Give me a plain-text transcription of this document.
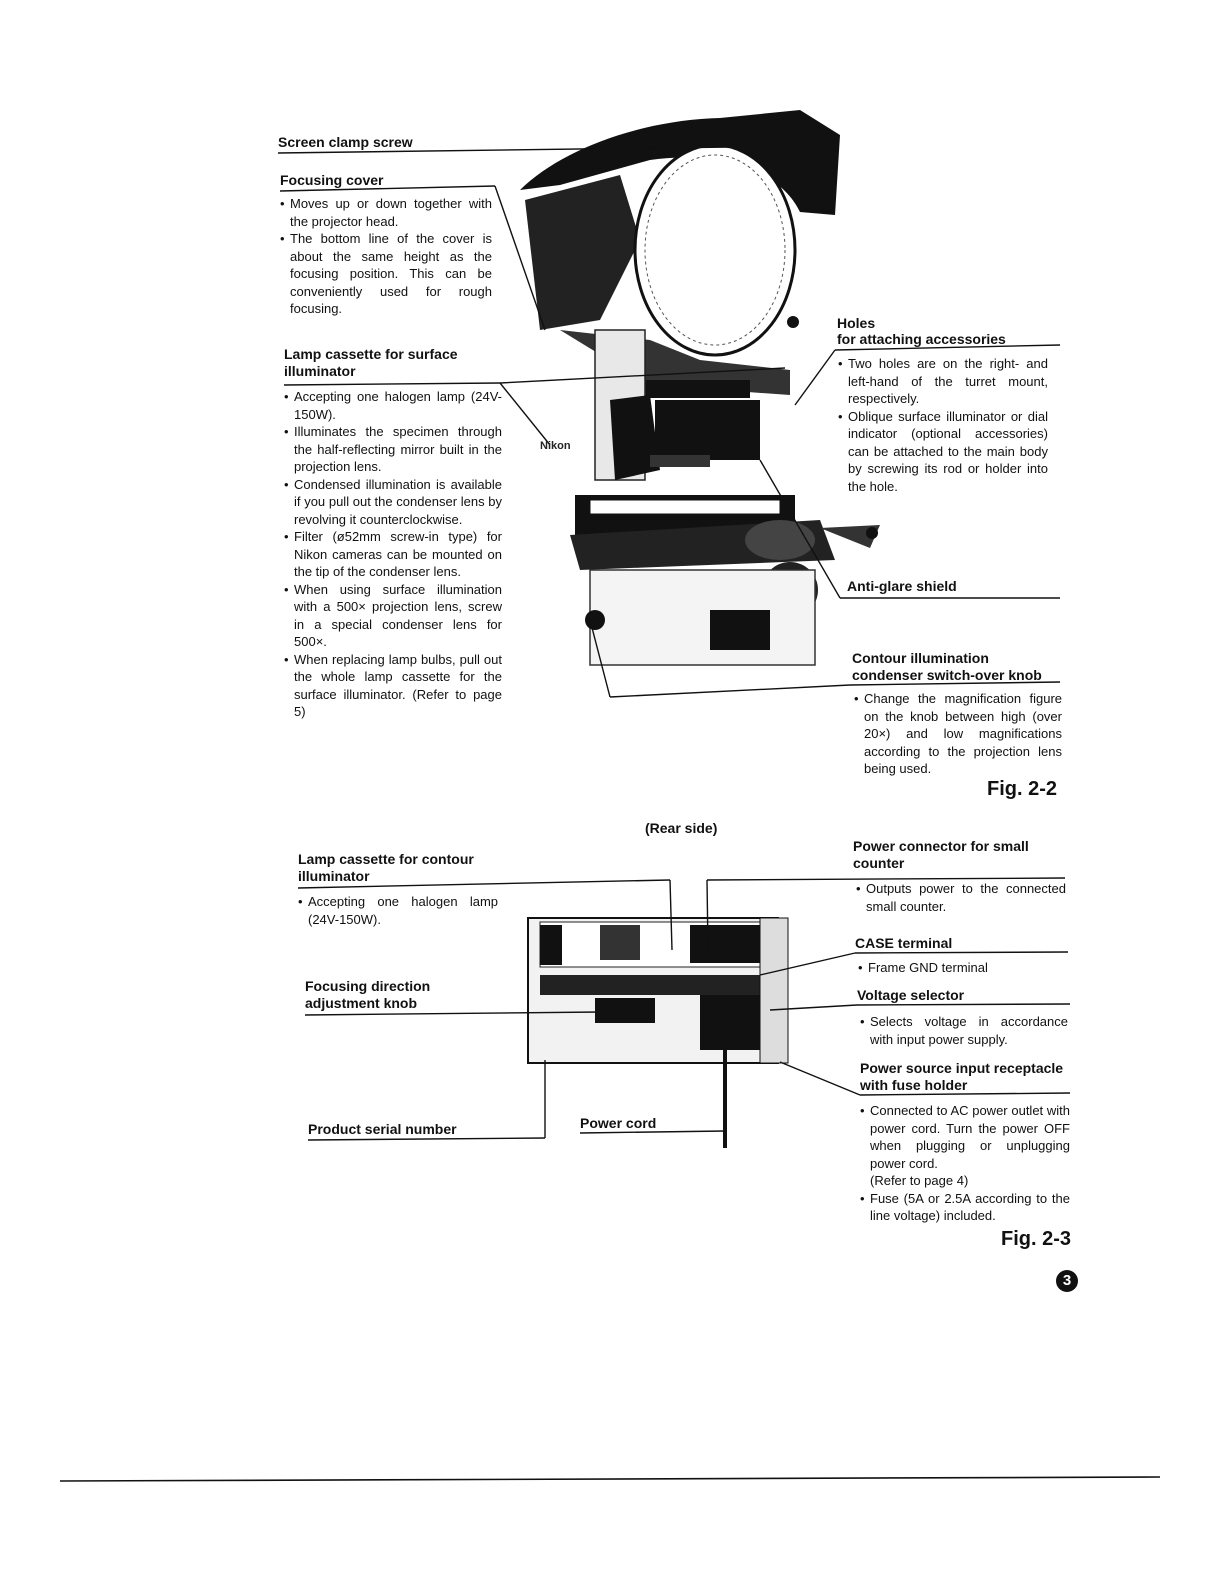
Screen clamp screw
Focusing cover
• Moves up or down together with the projector head.
• The bottom line of the cover is about the same height as the focusing position. This can be conveniently used for rough focusing.
Lamp cassette for surface illuminator
• Accepting one halogen lamp (24V-150W).
• Illuminates the specimen through the half-reflecting mirror built in the projection lens.
• Condensed illumination is available if you pull out the condenser lens by revolving it counterclockwise.
• Filter (ø52mm screw-in type) for Nikon cameras can be mounted on the tip of the condenser lens.
• When using surface illumination with a 500× projection lens, screw in a special condenser lens for 500×.
• When replacing lamp bulbs, pull out the whole lamp cassette for the surface illuminator. (Refer to page 5)
Nikon
Holes
for attaching accessories
• Two holes are on the right- and left-hand of the turret mount, respectively.
• Oblique surface illuminator or dial indicator (optional accessories) can be attached to the main body by screwing its rod or holder into the hole.
Anti-glare shield
Contour illumination condenser switch-over knob
• Change the magnification figure on the knob between high (over 20×) and low magnifications according to the projection lens being used.
Fig. 2-2
(Rear side)
Lamp cassette for contour illuminator
• Accepting one halogen lamp (24V-150W).
Focusing direction adjustment knob
Product serial number	Power cord
Power connector for small counter
• Outputs power to the connected small counter.
CASE terminal
• Frame GND terminal
Voltage selector
• Selects voltage in accordance with input power supply.
Power source input receptacle with fuse holder
• Connected to AC power outlet with power cord. Turn the power OFF when plugging or unplugging power cord.
(Refer to page 4)
• Fuse (5A or 2.5A according to the line voltage) included.
Fig. 2-3
3
